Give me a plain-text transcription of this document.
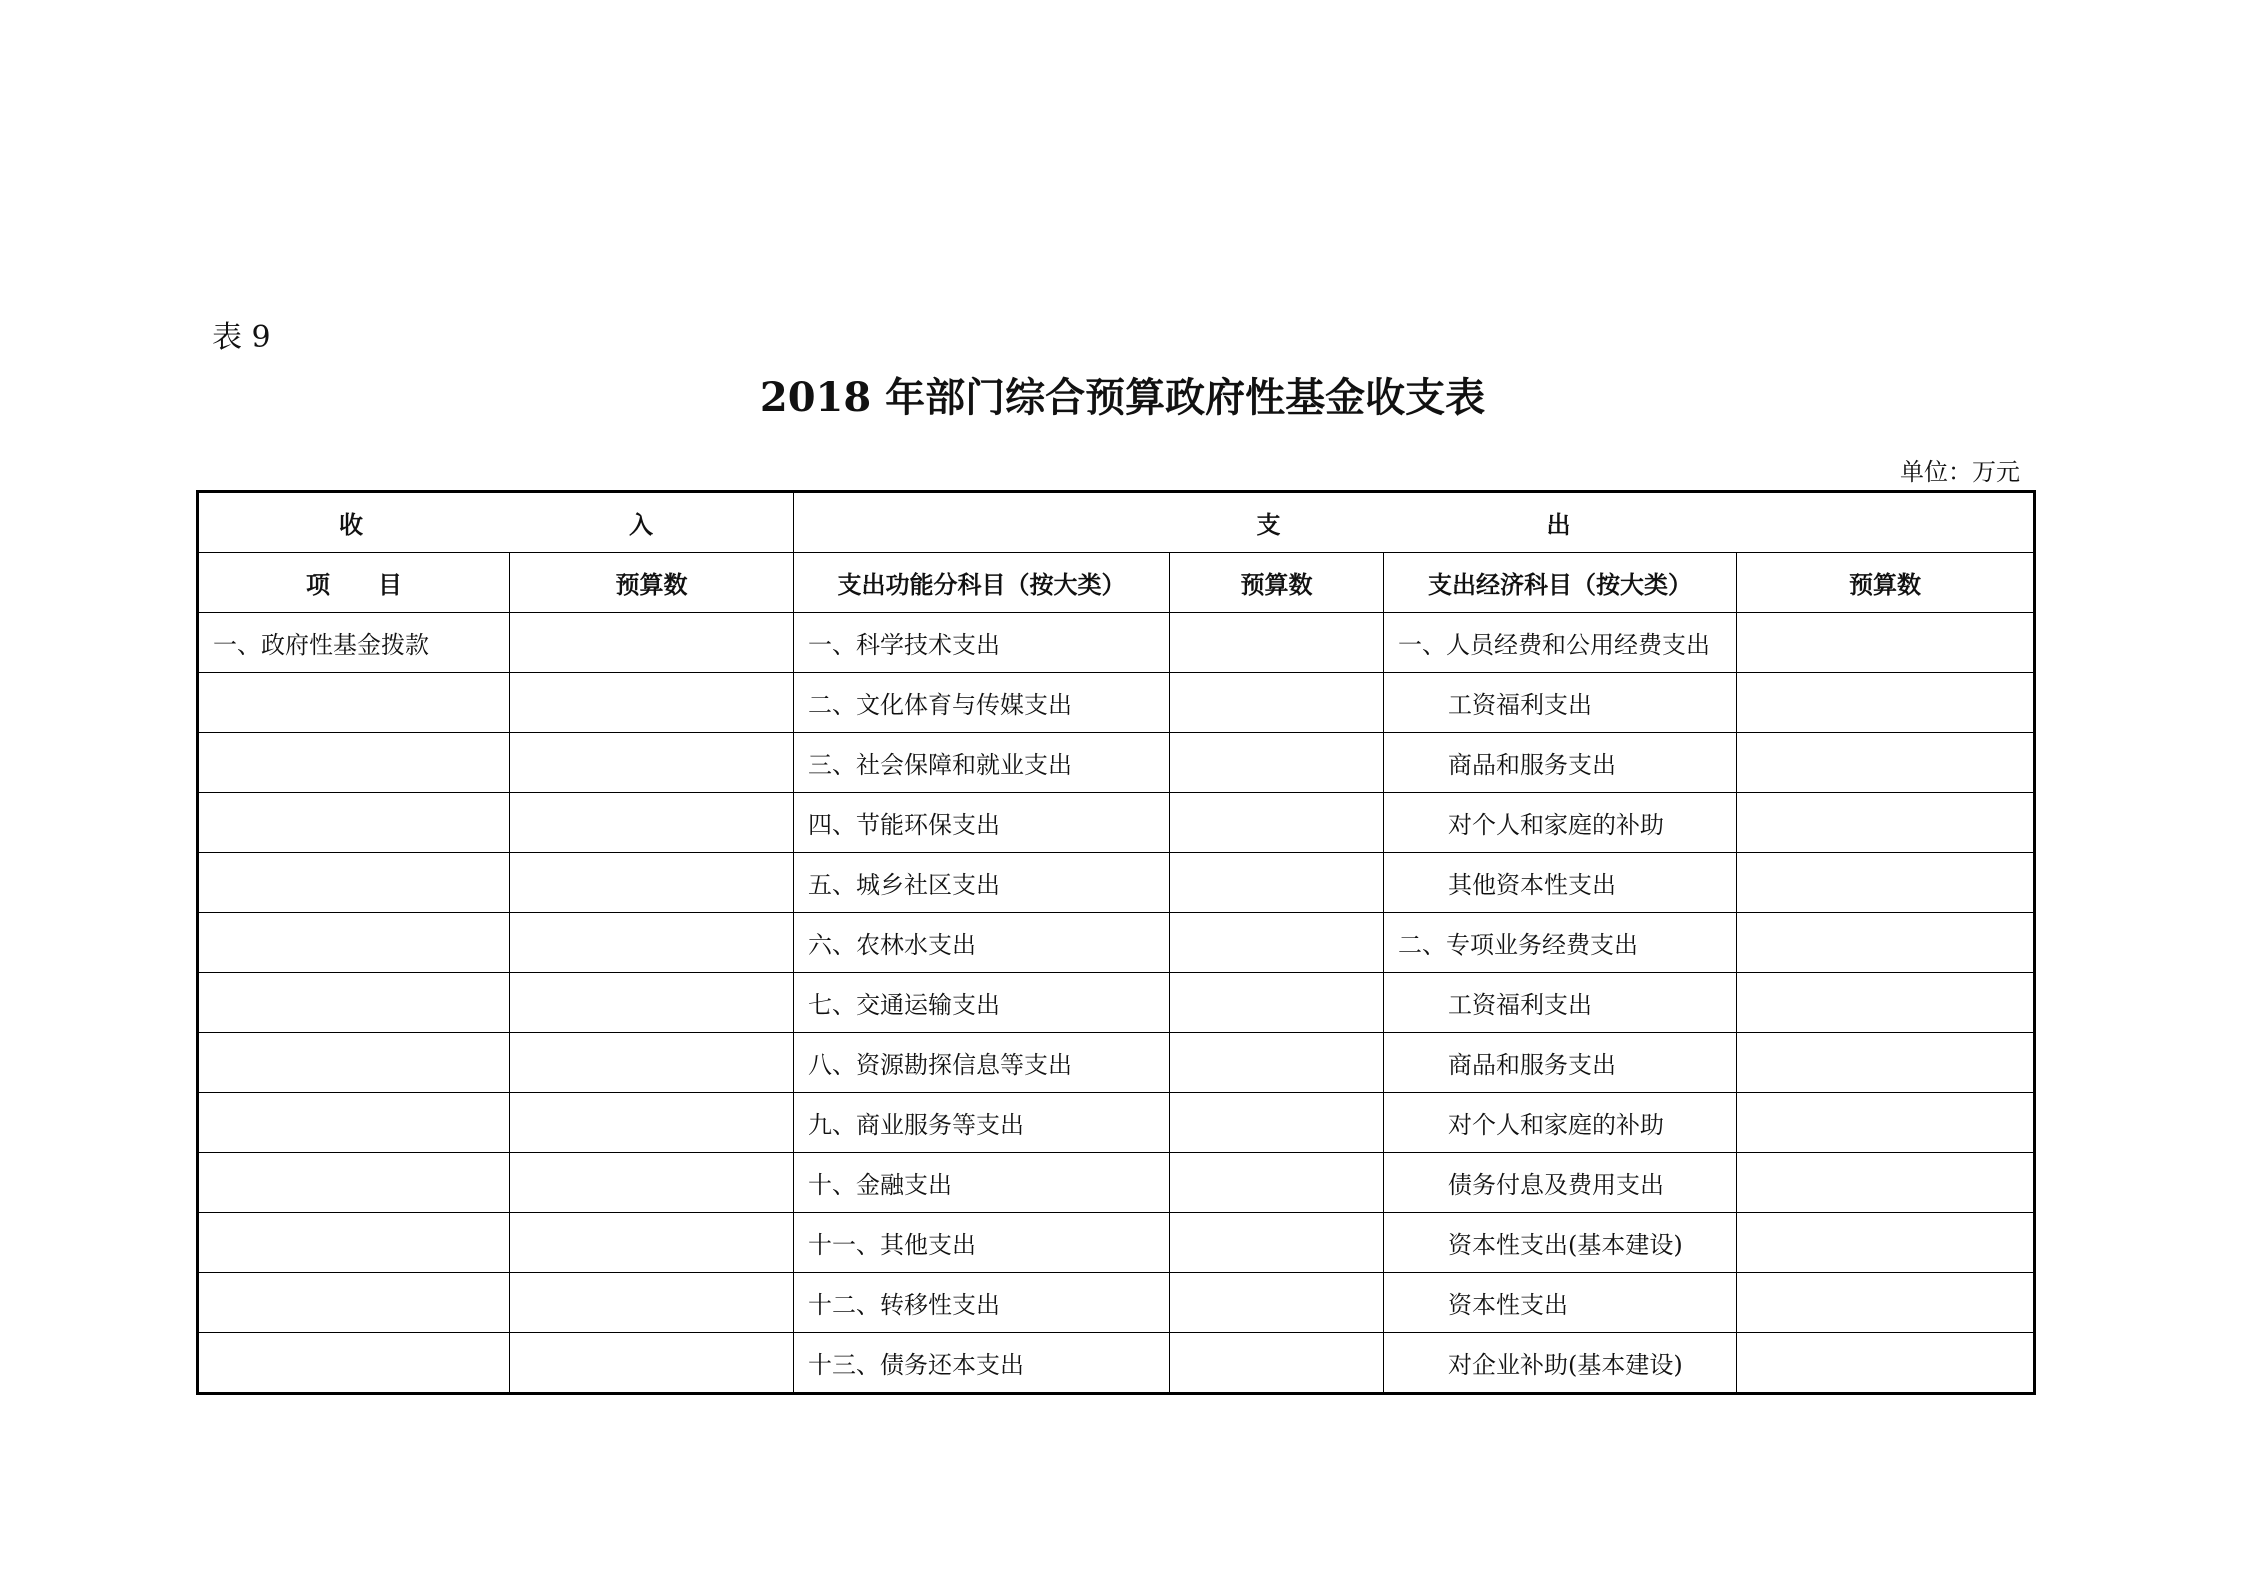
表 9
2018 年部门综合预算政府性基金收支表
单位：万元
收 入		支 出			
项　　目	预算数	支出功能分科目（按大类）	预算数	支出经济科目（按大类）	预算数
一、政府性基金拨款		一、科学技术支出		一、人员经费和公用经费支出	
		二、文化体育与传媒支出		工资福利支出	
		三、社会保障和就业支出		商品和服务支出	
		四、节能环保支出		对个人和家庭的补助	
		五、城乡社区支出		其他资本性支出	
		六、农林水支出		二、专项业务经费支出	
		七、交通运输支出		工资福利支出	
		八、资源勘探信息等支出		商品和服务支出	
		九、商业服务等支出		对个人和家庭的补助	
		十、金融支出		债务付息及费用支出	
		十一、其他支出		资本性支出(基本建设)	
		十二、转移性支出		资本性支出	
		十三、债务还本支出		对企业补助(基本建设)	
